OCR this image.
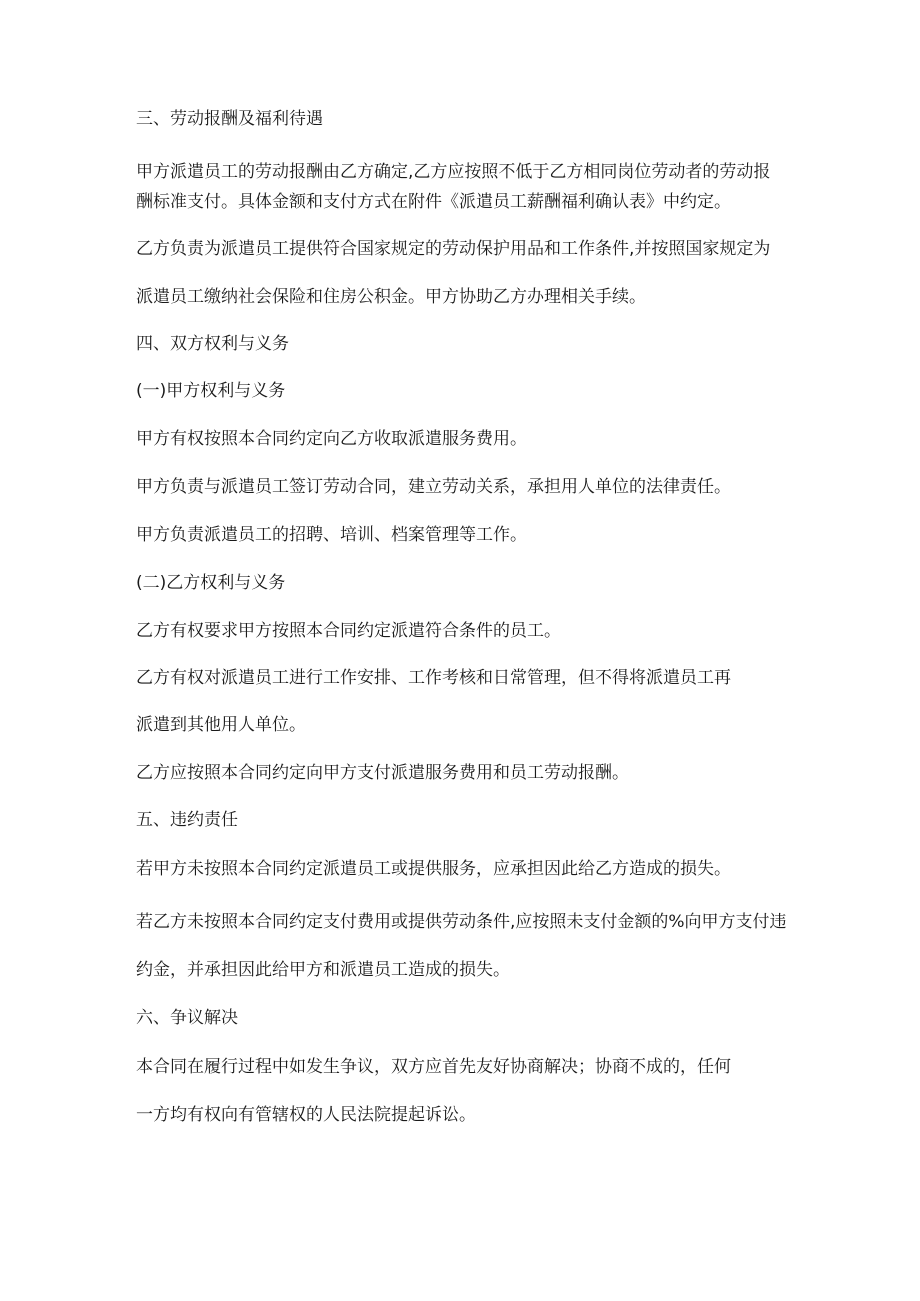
三、劳动报酬及福利待遇

甲方派遣员工的劳动报酬由乙方确定,乙方应按照不低于乙方相同岗位劳动者的劳动报

酬标准支付。具体金额和支付方式在附件《派遣员工薪酬福利确认表》中约定。

乙方负责为派遣员工提供符合国家规定的劳动保护用品和工作条件,并按照国家规定为

派遣员工缴纳社会保险和住房公积金。甲方协助乙方办理相关手续。

四、双方权利与义务

(一)甲方权利与义务

甲方有权按照本合同约定向乙方收取派遣服务费用。

甲方负责与派遣员工签订劳动合同，建立劳动关系，承担用人单位的法律责任。

甲方负责派遣员工的招聘、培训、档案管理等工作。

(二)乙方权利与义务

乙方有权要求甲方按照本合同约定派遣符合条件的员工。

乙方有权对派遣员工进行工作安排、工作考核和日常管理，但不得将派遣员工再

派遣到其他用人单位。

乙方应按照本合同约定向甲方支付派遣服务费用和员工劳动报酬。

五、违约责任

若甲方未按照本合同约定派遣员工或提供服务，应承担因此给乙方造成的损失。

若乙方未按照本合同约定支付费用或提供劳动条件,应按照未支付金额的%向甲方支付违

约金，并承担因此给甲方和派遣员工造成的损失。

六、争议解决

本合同在履行过程中如发生争议，双方应首先友好协商解决；协商不成的，任何

一方均有权向有管辖权的人民法院提起诉讼。
